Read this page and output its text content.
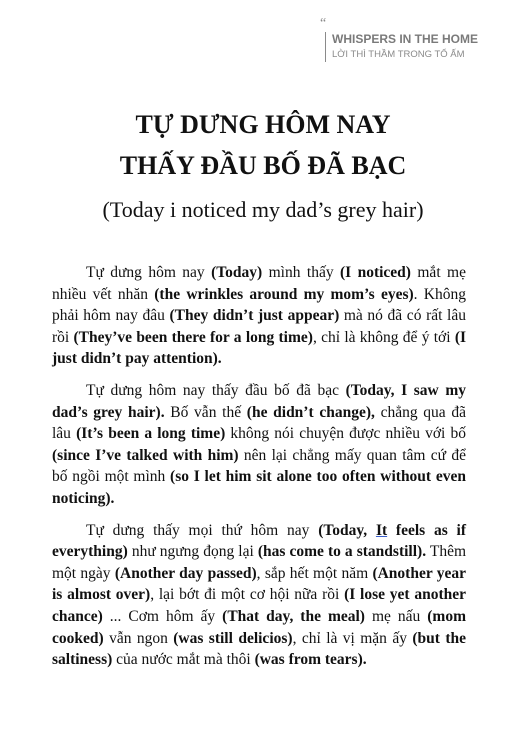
“
WHISPERS IN THE HOME
LỜI THÌ THẦM TRONG TỔ ẤM
TỰ DƯNG HÔM NAY
THẤY ĐẦU BỐ ĐÃ BẠC
(Today i noticed my dad’s grey hair)

Tự dưng hôm nay (Today) mình thấy (I noticed) mắt mẹ nhiều vết nhăn (the wrinkles around my mom’s eyes). Không phải hôm nay đâu (They didn’t just appear) mà nó đã có rất lâu rồi (They’ve been there for a long time), chỉ là không để ý tới (I just didn’t pay attention).

Tự dưng hôm nay thấy đầu bố đã bạc (Today, I saw my dad’s grey hair). Bố vẫn thế (he didn’t change), chẳng qua đã lâu (It’s been a long time) không nói chuyện được nhiều với bố (since I’ve talked with him) nên lại chẳng mấy quan tâm cứ để bố ngồi một mình (so I let him sit alone too often without even noticing).

Tự dưng thấy mọi thứ hôm nay (Today, It feels as if everything) như ngưng đọng lại (has come to a standstill). Thêm một ngày (Another day passed), sắp hết một năm (Another year is almost over), lại bớt đi một cơ hội nữa rồi (I lose yet another chance) ... Cơm hôm ấy (That day, the meal) mẹ nấu (mom cooked) vẫn ngon (was still delicios), chỉ là vị mặn ấy (but the saltiness) của nước mắt mà thôi (was from tears).
